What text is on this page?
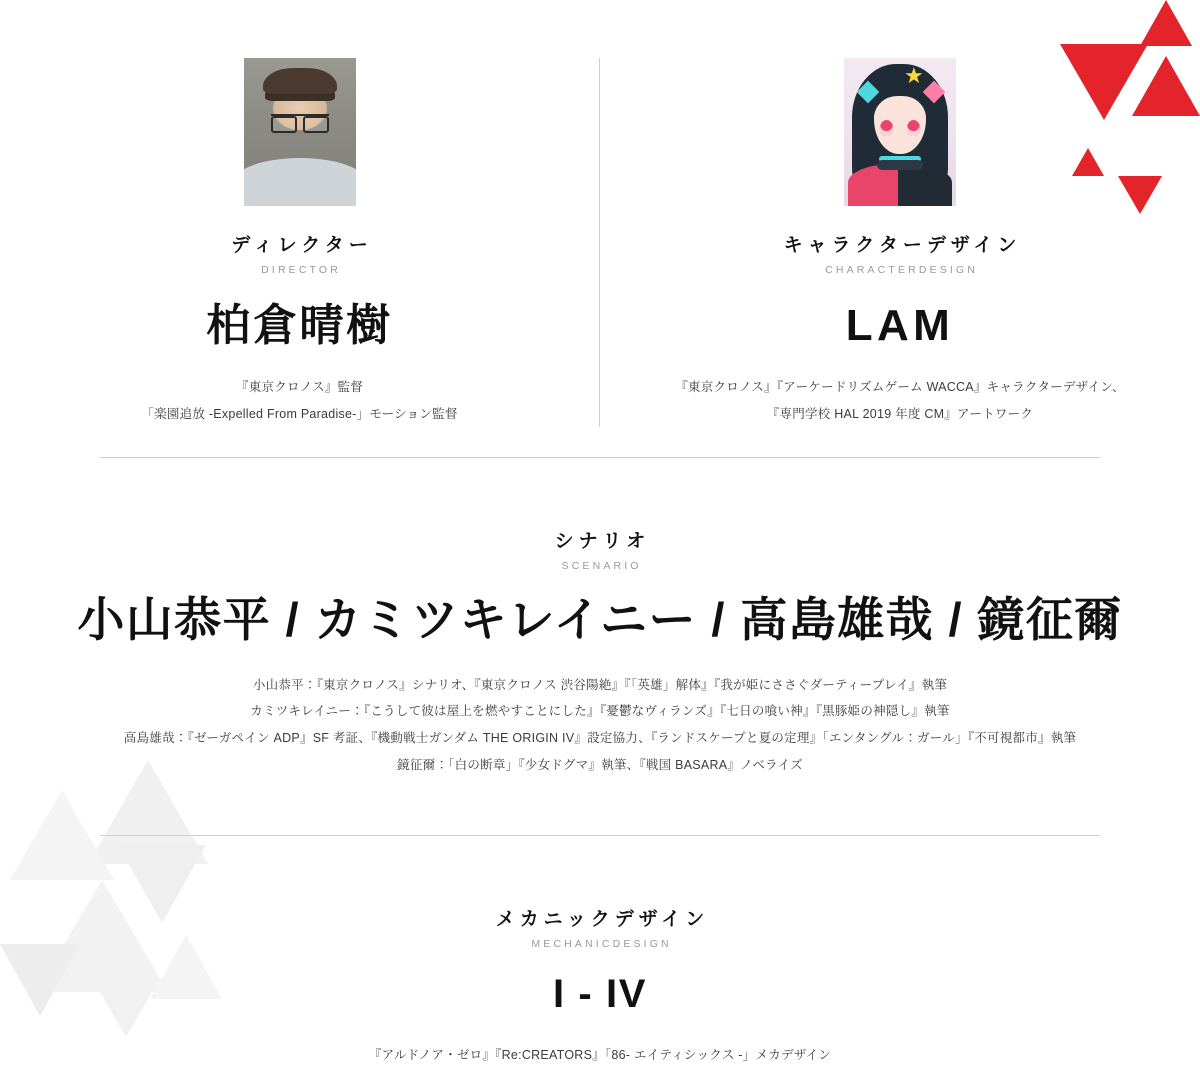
ディレクター
DIRECTOR
柏倉晴樹
『東京クロノス』監督
「楽園追放 -Expelled From Paradise-」モーション監督
キャラクターデザイン
CHARACTERDESIGN
LAM
『東京クロノス』『アーケードリズムゲーム WACCA』キャラクターデザイン、
『専門学校 HAL 2019 年度 CM』アートワーク
シナリオ
SCENARIO
小山恭平 / カミツキレイニー / 高島雄哉 / 鏡征爾
小山恭平：『東京クロノス』シナリオ、『東京クロノス 渋谷陽絶』『「英雄」解体』『我が姫にささぐダーティープレイ』執筆
カミツキレイニー：『こうして彼は屋上を燃やすことにした』『憂鬱なヴィランズ』『七日の喰い神』『黒豚姫の神隠し』執筆
高島雄哉：『ゼーガペイン ADP』SF 考証、『機動戦士ガンダム THE ORIGIN IV』設定協力、『ランドスケープと夏の定理』「エンタングル：ガール」『不可視都市』執筆
鏡征爾：「白の断章」『少女ドグマ』執筆、『戦国 BASARA』ノベライズ
メカニックデザイン
MECHANICDESIGN
I - IV
『アルドノア・ゼロ』『Re:CREATORS』「86- エイティシックス -」メカデザイン
